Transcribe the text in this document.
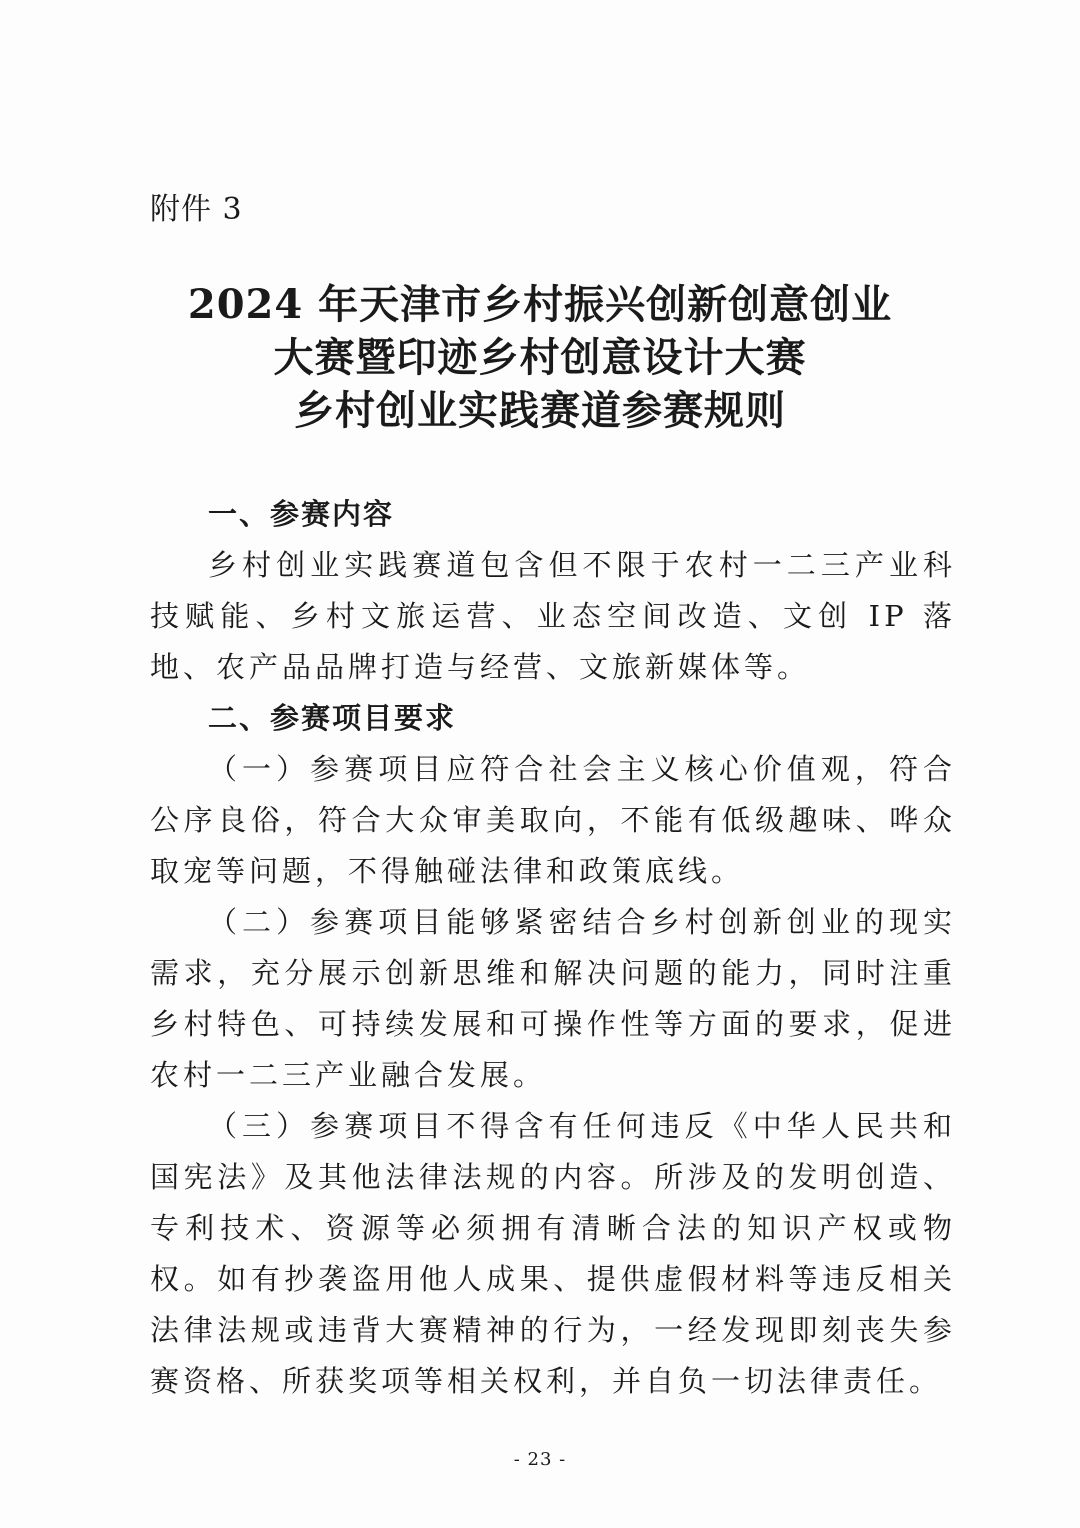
附件 3
2024 年天津市乡村振兴创新创意创业
大赛暨印迹乡村创意设计大赛
乡村创业实践赛道参赛规则

一、参赛内容

乡村创业实践赛道包含但不限于农村一二三产业科技赋能、乡村文旅运营、业态空间改造、文创 IP 落地、农产品品牌打造与经营、文旅新媒体等。

二、参赛项目要求

（一）参赛项目应符合社会主义核心价值观，符合公序良俗，符合大众审美取向，不能有低级趣味、哗众取宠等问题，不得触碰法律和政策底线。

（二）参赛项目能够紧密结合乡村创新创业的现实需求，充分展示创新思维和解决问题的能力，同时注重乡村特色、可持续发展和可操作性等方面的要求，促进农村一二三产业融合发展。

（三）参赛项目不得含有任何违反《中华人民共和国宪法》及其他法律法规的内容。所涉及的发明创造、专利技术、资源等必须拥有清晰合法的知识产权或物权。如有抄袭盗用他人成果、提供虚假材料等违反相关法律法规或违背大赛精神的行为，一经发现即刻丧失参赛资格、所获奖项等相关权利，并自负一切法律责任。

- 23 -
